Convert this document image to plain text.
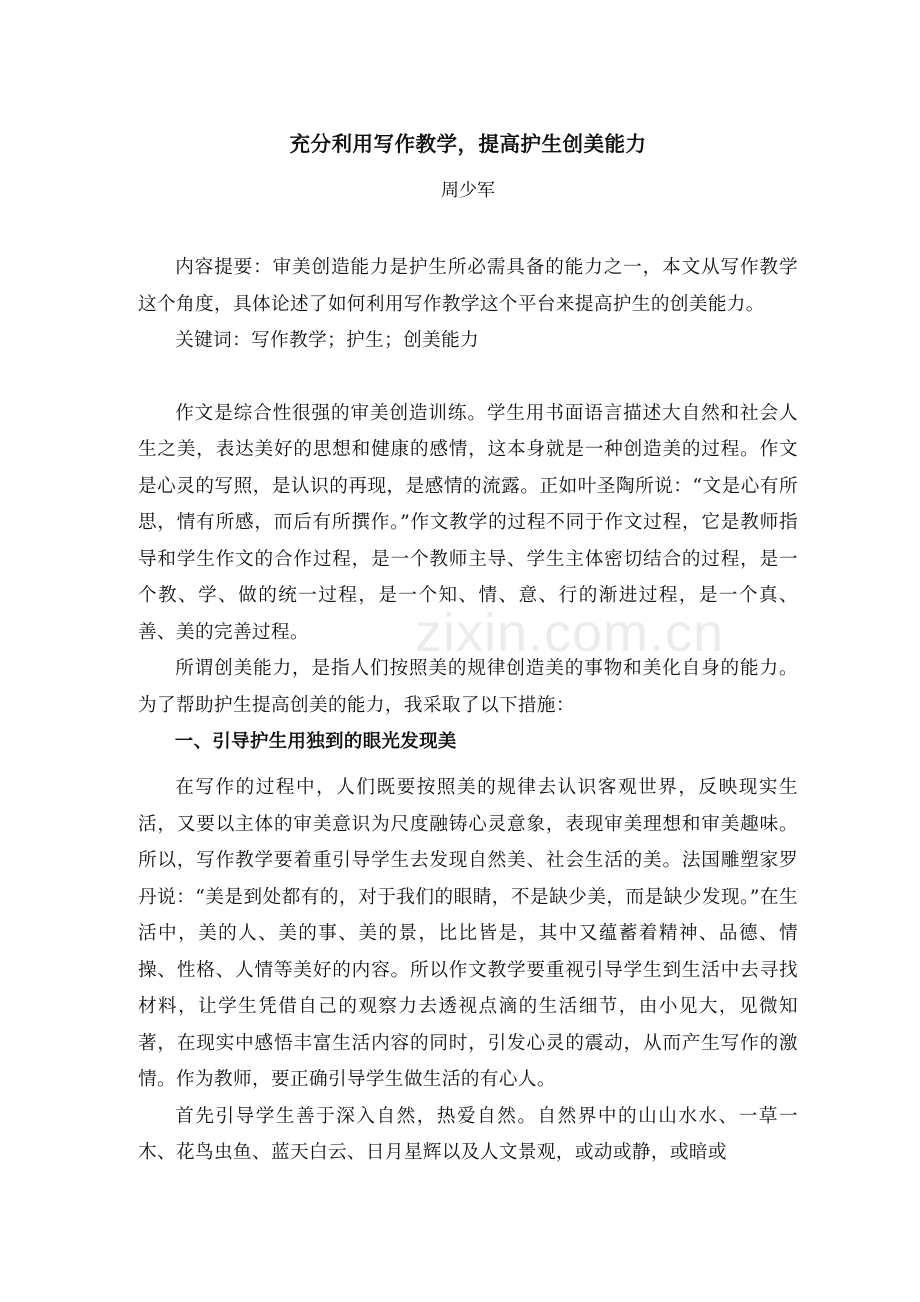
充分利用写作教学，提高护生创美能力
周少军

内容提要：审美创造能力是护生所必需具备的能力之一，本文从写作教学这个角度，具体论述了如何利用写作教学这个平台来提高护生的创美能力。

关键词：写作教学；护生；创美能力

作文是综合性很强的审美创造训练。学生用书面语言描述大自然和社会人生之美，表达美好的思想和健康的感情，这本身就是一种创造美的过程。作文是心灵的写照，是认识的再现，是感情的流露。正如叶圣陶所说：“文是心有所思，情有所感，而后有所撰作。”作文教学的过程不同于作文过程，它是教师指导和学生作文的合作过程，是一个教师主导、学生主体密切结合的过程，是一个教、学、做的统一过程，是一个知、情、意、行的渐进过程，是一个真、善、美的完善过程。

所谓创美能力，是指人们按照美的规律创造美的事物和美化自身的能力。为了帮助护生提高创美的能力，我采取了以下措施：

一、引导护生用独到的眼光发现美

在写作的过程中，人们既要按照美的规律去认识客观世界，反映现实生活，又要以主体的审美意识为尺度融铸心灵意象，表现审美理想和审美趣味。所以，写作教学要着重引导学生去发现自然美、社会生活的美。法国雕塑家罗丹说：“美是到处都有的，对于我们的眼睛，不是缺少美，而是缺少发现。”在生活中，美的人、美的事、美的景，比比皆是，其中又蕴蓄着精神、品德、情操、性格、人情等美好的内容。所以作文教学要重视引导学生到生活中去寻找材料，让学生凭借自己的观察力去透视点滴的生活细节，由小见大，见微知著，在现实中感悟丰富生活内容的同时，引发心灵的震动，从而产生写作的激情。作为教师，要正确引导学生做生活的有心人。

首先引导学生善于深入自然，热爱自然。自然界中的山山水水、一草一木、花鸟虫鱼、蓝天白云、日月星辉以及人文景观，或动或静，或暗或

zixin.com.cn
